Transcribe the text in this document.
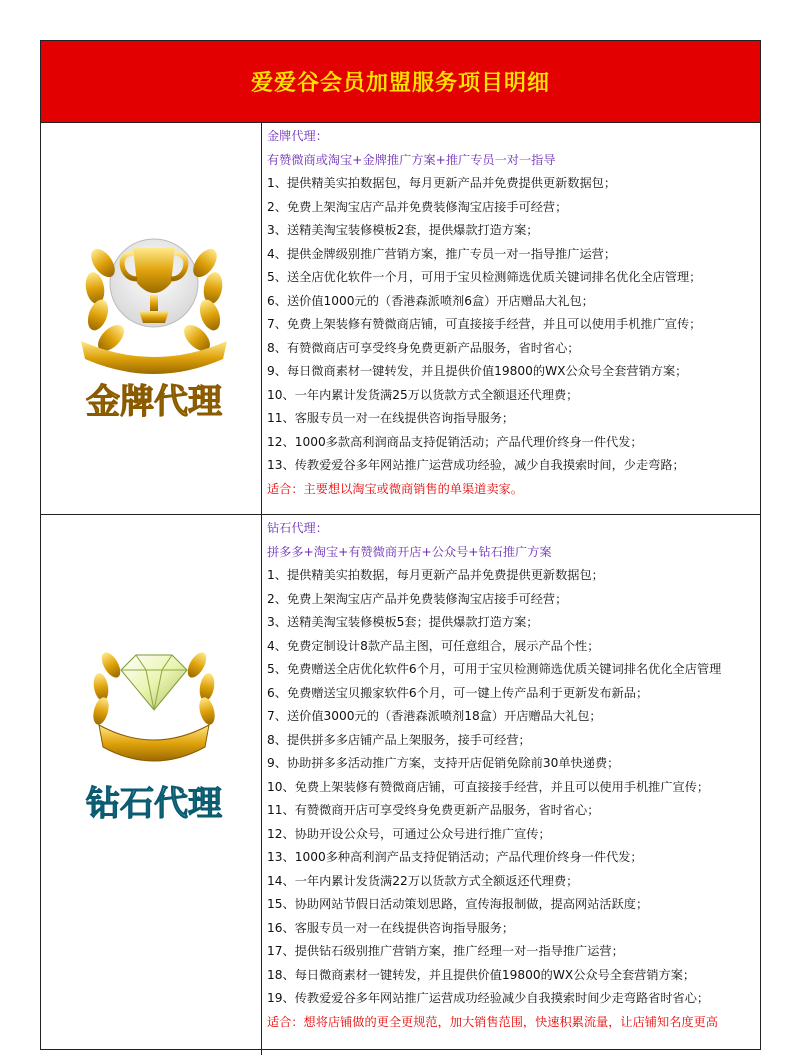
爱爱谷会员加盟服务项目明细
金牌代理
金牌代理：
有赞微商或淘宝+金牌推广方案+推广专员一对一指导
1、提供精美实拍数据包，每月更新产品并免费提供更新数据包；
2、免费上架淘宝店产品并免费装修淘宝店接手可经营；
3、送精美淘宝装修模板2套，提供爆款打造方案；
4、提供金牌级别推广营销方案，推广专员一对一指导推广运营；
5、送全店优化软件一个月，可用于宝贝检测筛选优质关键词排名优化全店管理；
6、送价值1000元的（香港森派喷剂6盒）开店赠品大礼包；
7、免费上架装修有赞微商店铺，可直接接手经营，并且可以使用手机推广宣传；
8、有赞微商店可享受终身免费更新产品服务，省时省心；
9、每日微商素材一键转发，并且提供价值19800的WX公众号全套营销方案；
10、一年内累计发货满25万以货款方式全额退还代理费；
11、客服专员一对一在线提供咨询指导服务；
12、1000多款高利润商品支持促销活动；产品代理价终身一件代发；
13、传教爱爱谷多年网站推广运营成功经验，减少自我摸索时间，少走弯路；
适合：主要想以淘宝或微商销售的单渠道卖家。
钻石代理
钻石代理：
拼多多+淘宝+有赞微商开店+公众号+钻石推广方案
1、提供精美实拍数据，每月更新产品并免费提供更新数据包；
2、免费上架淘宝店产品并免费装修淘宝店接手可经营；
3、送精美淘宝装修模板5套；提供爆款打造方案；
4、免费定制设计8款产品主图，可任意组合，展示产品个性；
5、免费赠送全店优化软件6个月，可用于宝贝检测筛选优质关键词排名优化全店管理
6、免费赠送宝贝搬家软件6个月，可一键上传产品利于更新发布新品；
7、送价值3000元的（香港森派喷剂18盒）开店赠品大礼包；
8、提供拼多多店铺产品上架服务，接手可经营；
9、协助拼多多活动推广方案，支持开店促销免除前30单快递费；
10、免费上架装修有赞微商店铺，可直接接手经营，并且可以使用手机推广宣传；
11、有赞微商开店可享受终身免费更新产品服务，省时省心；
12、协助开设公众号，可通过公众号进行推广宣传；
13、1000多种高利润产品支持促销活动；产品代理价终身一件代发；
14、一年内累计发货满22万以货款方式全额返还代理费；
15、协助网站节假日活动策划思路，宣传海报制做，提高网站活跃度；
16、客服专员一对一在线提供咨询指导服务；
17、提供钻石级别推广营销方案，推广经理一对一指导推广运营；
18、每日微商素材一键转发，并且提供价值19800的WX公众号全套营销方案；
19、传教爱爱谷多年网站推广运营成功经验减少自我摸索时间少走弯路省时省心；
适合：想将店铺做的更全更规范，加大销售范围，快速积累流量，让店铺知名度更高
